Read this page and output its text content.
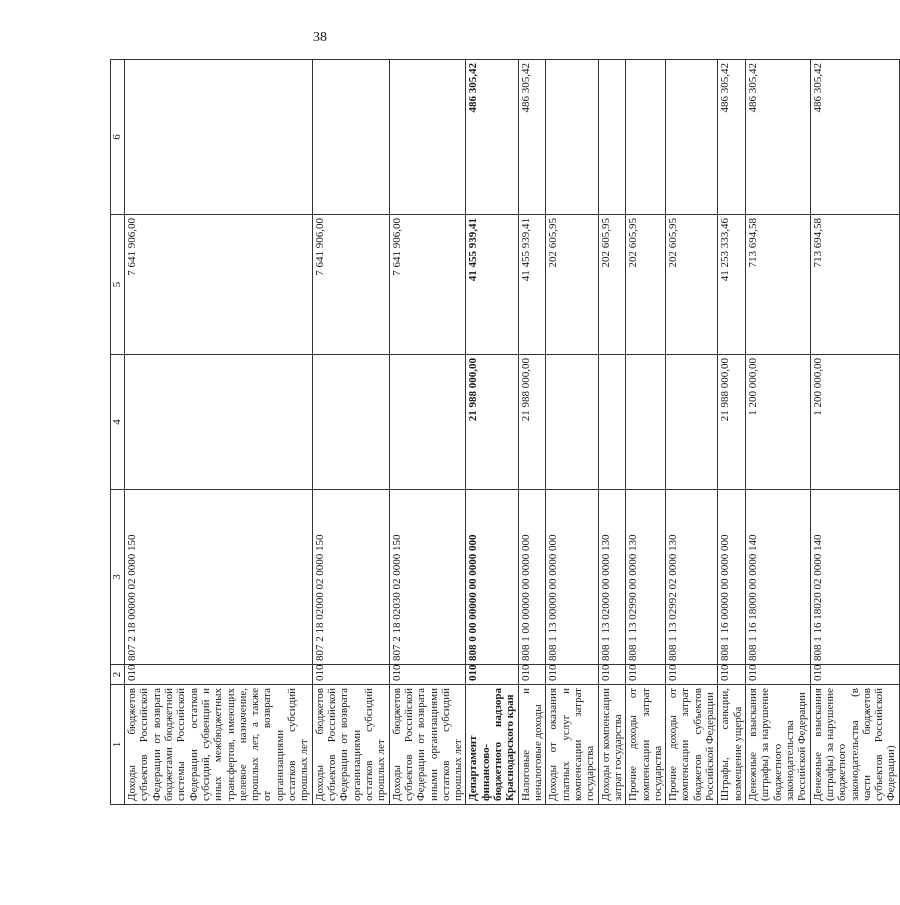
38
1	2	3	4	5	6
Доходы бюджетов субъектов Российской Федерации от возврата бюджетами бюджетной системы Российской Федерации остатков субсидий, субвенций и иных межбюджетных трансфертов, имеющих целевое назначение, прошлых лет, а также от возврата организациями остатков субсидий прошлых лет	010	807 2 18 00000 02 0000 150		7 641 906,00	
Доходы бюджетов субъектов Российской Федерации от возврата организациями остатков субсидий прошлых лет	010	807 2 18 02000 02 0000 150		7 641 906,00	
Доходы бюджетов субъектов Российской Федерации от возврата иными организациями остатков субсидий прошлых лет	010	807 2 18 02030 02 0000 150		7 641 906,00	
Департамент финансово-бюджетного надзора Краснодарского края	010	808 0 00 00000 00 0000 000	21 988 000,00	41 455 939,41	486 305,42
Налоговые и неналоговые доходы	010	808 1 00 00000 00 0000 000	21 988 000,00	41 455 939,41	486 305,42
Доходы от оказания платных услуг и компенсации затрат государства	010	808 1 13 00000 00 0000 000		202 605,95	
Доходы от компенсации затрат государства	010	808 1 13 02000 00 0000 130		202 605,95	
Прочие доходы от компенсации затрат государства	010	808 1 13 02990 00 0000 130		202 605,95	
Прочие доходы от компенсации затрат бюджетов субъектов Российской Федерации	010	808 1 13 02992 02 0000 130		202 605,95	
Штрафы, санкции, возмещение ущерба	010	808 1 16 00000 00 0000 000	21 988 000,00	41 253 333,46	486 305,42
Денежные взыскания (штрафы) за нарушение бюджетного законодательства Российской Федерации	010	808 1 16 18000 00 0000 140	1 200 000,00	713 694,58	486 305,42
Денежные взыскания (штрафы) за нарушение бюджетного законодательства (в части бюджетов субъектов Российской Федерации)	010	808 1 16 18020 02 0000 140	1 200 000,00	713 694,58	486 305,42
